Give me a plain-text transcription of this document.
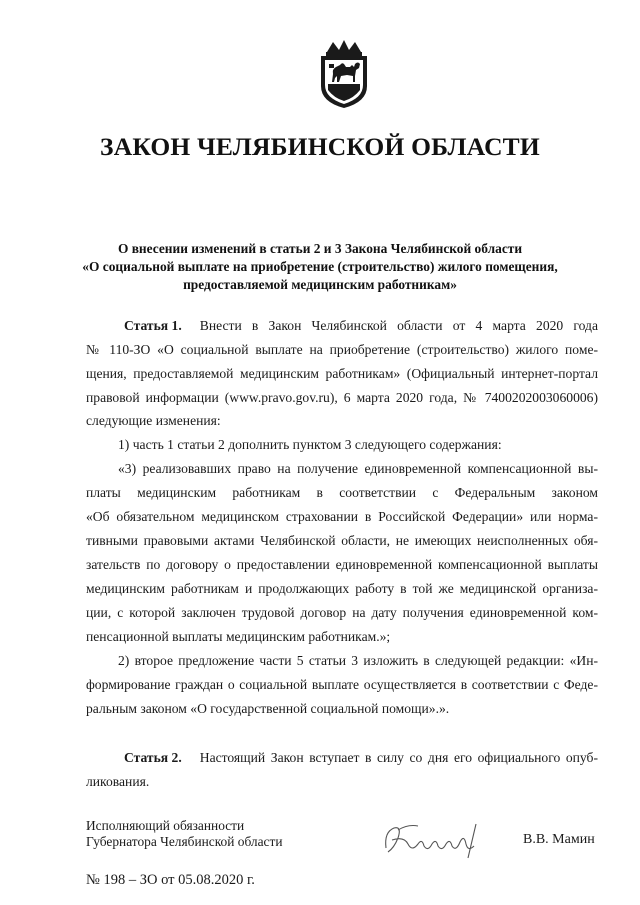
ЗАКОН ЧЕЛЯБИНСКОЙ ОБЛАСТИ
О внесении изменений в статьи 2 и 3 Закона Челябинской области
«О социальной выплате на приобретение (строительство) жилого помещения,
предоставляемой медицинским работникам»
Статья 1. Внести в Закон Челябинской области от 4 марта 2020 года
№ 110-ЗО «О социальной выплате на приобретение (строительство) жилого поме-
щения, предоставляемой медицинским работникам» (Официальный интернет-портал
правовой информации (www.pravo.gov.ru), 6 марта 2020 года, № 7400202003060006)
следующие изменения:
1) часть 1 статьи 2 дополнить пунктом 3 следующего содержания:
«3) реализовавших право на получение единовременной компенсационной вы-
платы медицинским работникам в соответствии с Федеральным законом
«Об обязательном медицинском страховании в Российской Федерации» или норма-
тивными правовыми актами Челябинской области, не имеющих неисполненных обя-
зательств по договору о предоставлении единовременной компенсационной выплаты
медицинским работникам и продолжающих работу в той же медицинской организа-
ции, с которой заключен трудовой договор на дату получения единовременной ком-
пенсационной выплаты медицинским работникам.»;
2) второе предложение части 5 статьи 3 изложить в следующей редакции: «Ин-
формирование граждан о социальной выплате осуществляется в соответствии с Феде-
ральным законом «О государственной социальной помощи».».
Статья 2. Настоящий Закон вступает в силу со дня его официального опуб-
ликования.
Исполняющий обязанности
Губернатора Челябинской области	В.В. Мамин
№ 198 – ЗО от 05.08.2020 г.
